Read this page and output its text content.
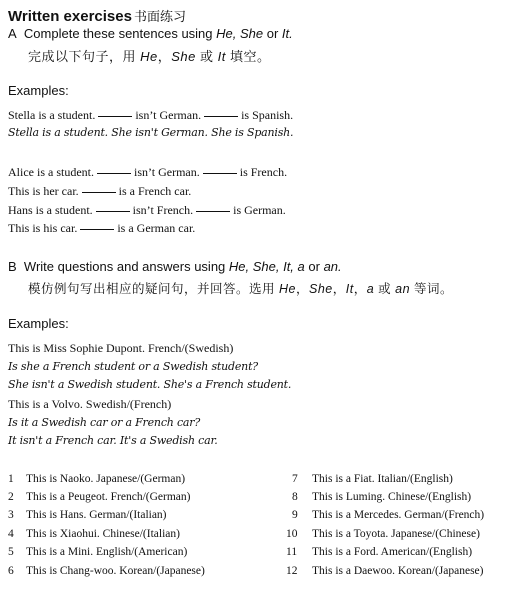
Written exercises 书面练习
A Complete these sentences using He, She or It.
完成以下句子，用 He，She 或 It 填空。
Examples:
Stella is a student.	isn’t German.	is Spanish.
Stella is a student. She isn't German. She is Spanish.
Alice is a student.	isn’t German.	is French.
This is her car.	is a French car.
Hans is a student.	isn’t French.	is German.
This is his car.	is a German car.
B Write questions and answers using He, She, It, a or an.
模仿例句写出相应的疑问句，并回答。选用 He，She，It，a 或 an 等词。
Examples:
This is Miss Sophie Dupont. French/(Swedish)
Is she a French student or a Swedish student?
She isn't a Swedish student. She's a French student.
This is a Volvo. Swedish/(French)
Is it a Swedish car or a French car?
It isn't a French car. It's a Swedish car.
1 This is Naoko. Japanese/(German)
2 This is a Peugeot. French/(German)
3 This is Hans. German/(Italian)
4 This is Xiaohui. Chinese/(Italian)
5 This is a Mini. English/(American)
6 This is Chang-woo. Korean/(Japanese)
7 This is a Fiat. Italian/(English)
8 This is Luming. Chinese/(English)
9 This is a Mercedes. German/(French)
10 This is a Toyota. Japanese/(Chinese)
11 This is a Ford. American/(English)
12 This is a Daewoo. Korean/(Japanese)
